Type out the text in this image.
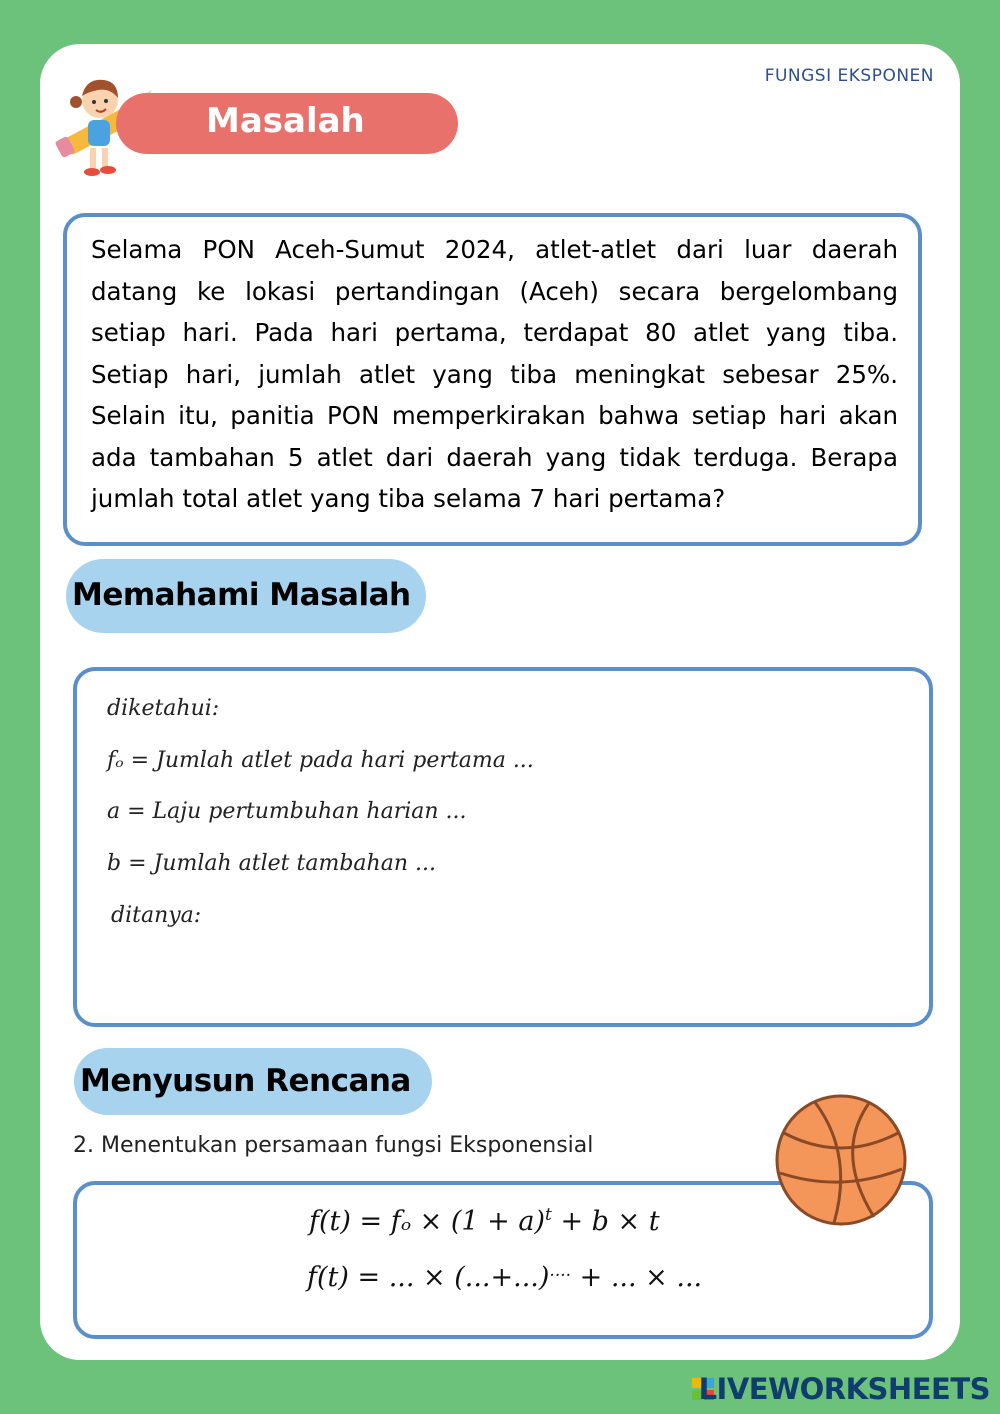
FUNGSI EKSPONEN
Masalah

Selama PON Aceh-Sumut 2024, atlet-atlet dari luar daerah datang ke lokasi pertandingan (Aceh) secara bergelombang setiap hari. Pada hari pertama, terdapat 80 atlet yang tiba. Setiap hari, jumlah atlet yang tiba meningkat sebesar 25%. Selain itu, panitia PON memperkirakan bahwa setiap hari akan ada tambahan 5 atlet dari daerah yang tidak terduga. Berapa jumlah total atlet yang tiba selama 7 hari pertama?

Memahami Masalah
diketahui:
fₒ = Jumlah atlet pada hari pertama ...
a = Laju pertumbuhan harian ...
b = Jumlah atlet tambahan ...
ditanya:
Menyusun Rencana
2. Menentukan persamaan fungsi Eksponensial
$f(t) = f_o \times (1 + a)^t + b \times t$
f(t) = ... × (...+...).... + ... × ...
LIVEWORKSHEETS
